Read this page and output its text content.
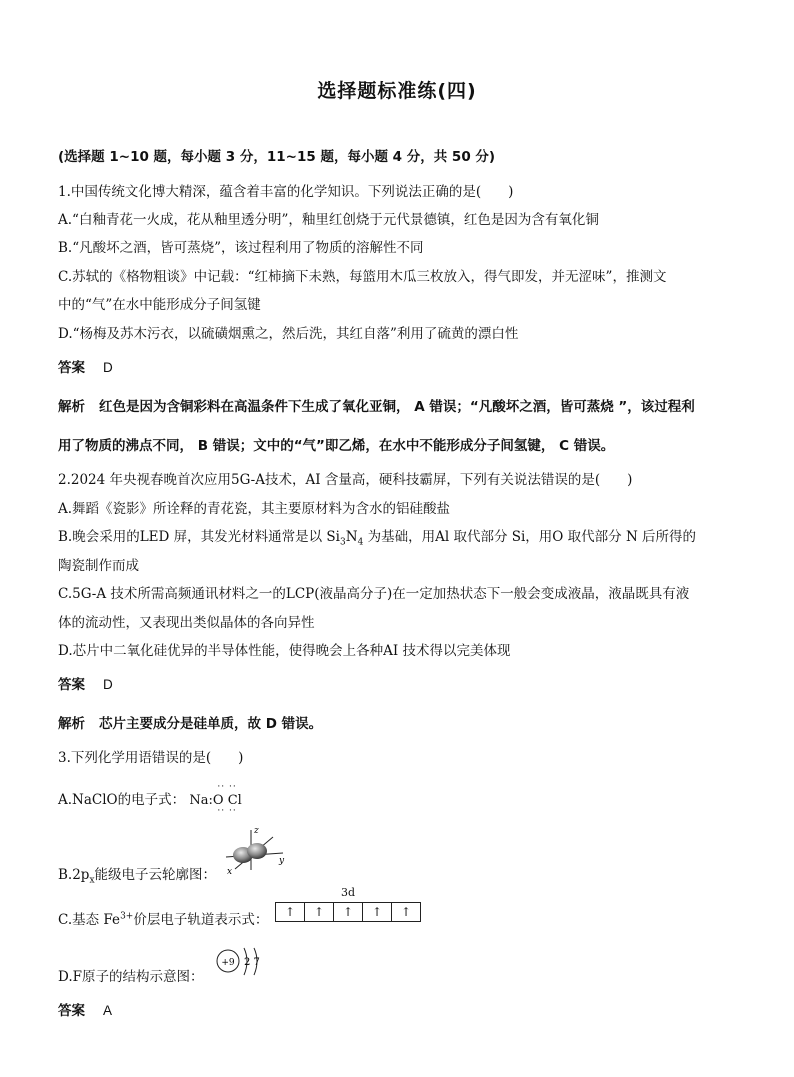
选择题标准练(四)
(选择题 1~10 题，每小题 3 分，11~15 题，每小题 4 分，共 50 分)
1.中国传统文化博大精深，蕴含着丰富的化学知识。下列说法正确的是(　　)
A.“白釉青花一火成，花从釉里透分明”，釉里红创烧于元代景德镇，红色是因为含有氧化铜
B.“凡酸坏之酒，皆可蒸烧”，该过程利用了物质的溶解性不同
C.苏轼的《格物粗谈》中记载：“红柿摘下未熟，每篮用木瓜三枚放入，得气即发，并无涩味”，推测文
中的“气”在水中能形成分子间氢键
D.“杨梅及苏木污衣，以硫磺烟熏之，然后洗，其红自落”利用了硫黄的漂白性
答案 D
解析 红色是因为含铜彩料在高温条件下生成了氧化亚铜， A 错误；“凡酸坏之酒，皆可蒸烧 ”，该过程利
用了物质的沸点不同， B 错误；文中的“气”即乙烯，在水中不能形成分子间氢键， C 错误。
2.2024 年央视春晚首次应用5G-A技术，AI 含量高，硬科技霸屏，下列有关说法错误的是(　　)
A.舞蹈《瓷影》所诠释的青花瓷，其主要原材料为含水的铝硅酸盐
B.晚会采用的LED 屏，其发光材料通常是以 $Si_3N_4$ 为基础，用Al 取代部分 Si，用O 取代部分 N 后所得的
陶瓷制作而成
C.5G-A 技术所需高频通讯材料之一的LCP(液晶高分子)在一定加热状态下一般会变成液晶，液晶既具有液
体的流动性，又表现出类似晶体的各向异性
D.芯片中二氧化硅优异的半导体性能，使得晚会上各种AI 技术得以完美体现
答案 D
解析 芯片主要成分是硅单质，故 D 错误。
3.下列化学用语错误的是(　　)
A.NaClO的电子式： Na:O Cl
·· ··
·· ··
$B.2p_x$能级电子云轮廓图：
z
y
x
C.基态 $Fe^{3+}$价层电子轨道表示式：
3d
↑	↑	↑	↑	↑
D.F原子的结构示意图：
+9 2 7
答案 A
